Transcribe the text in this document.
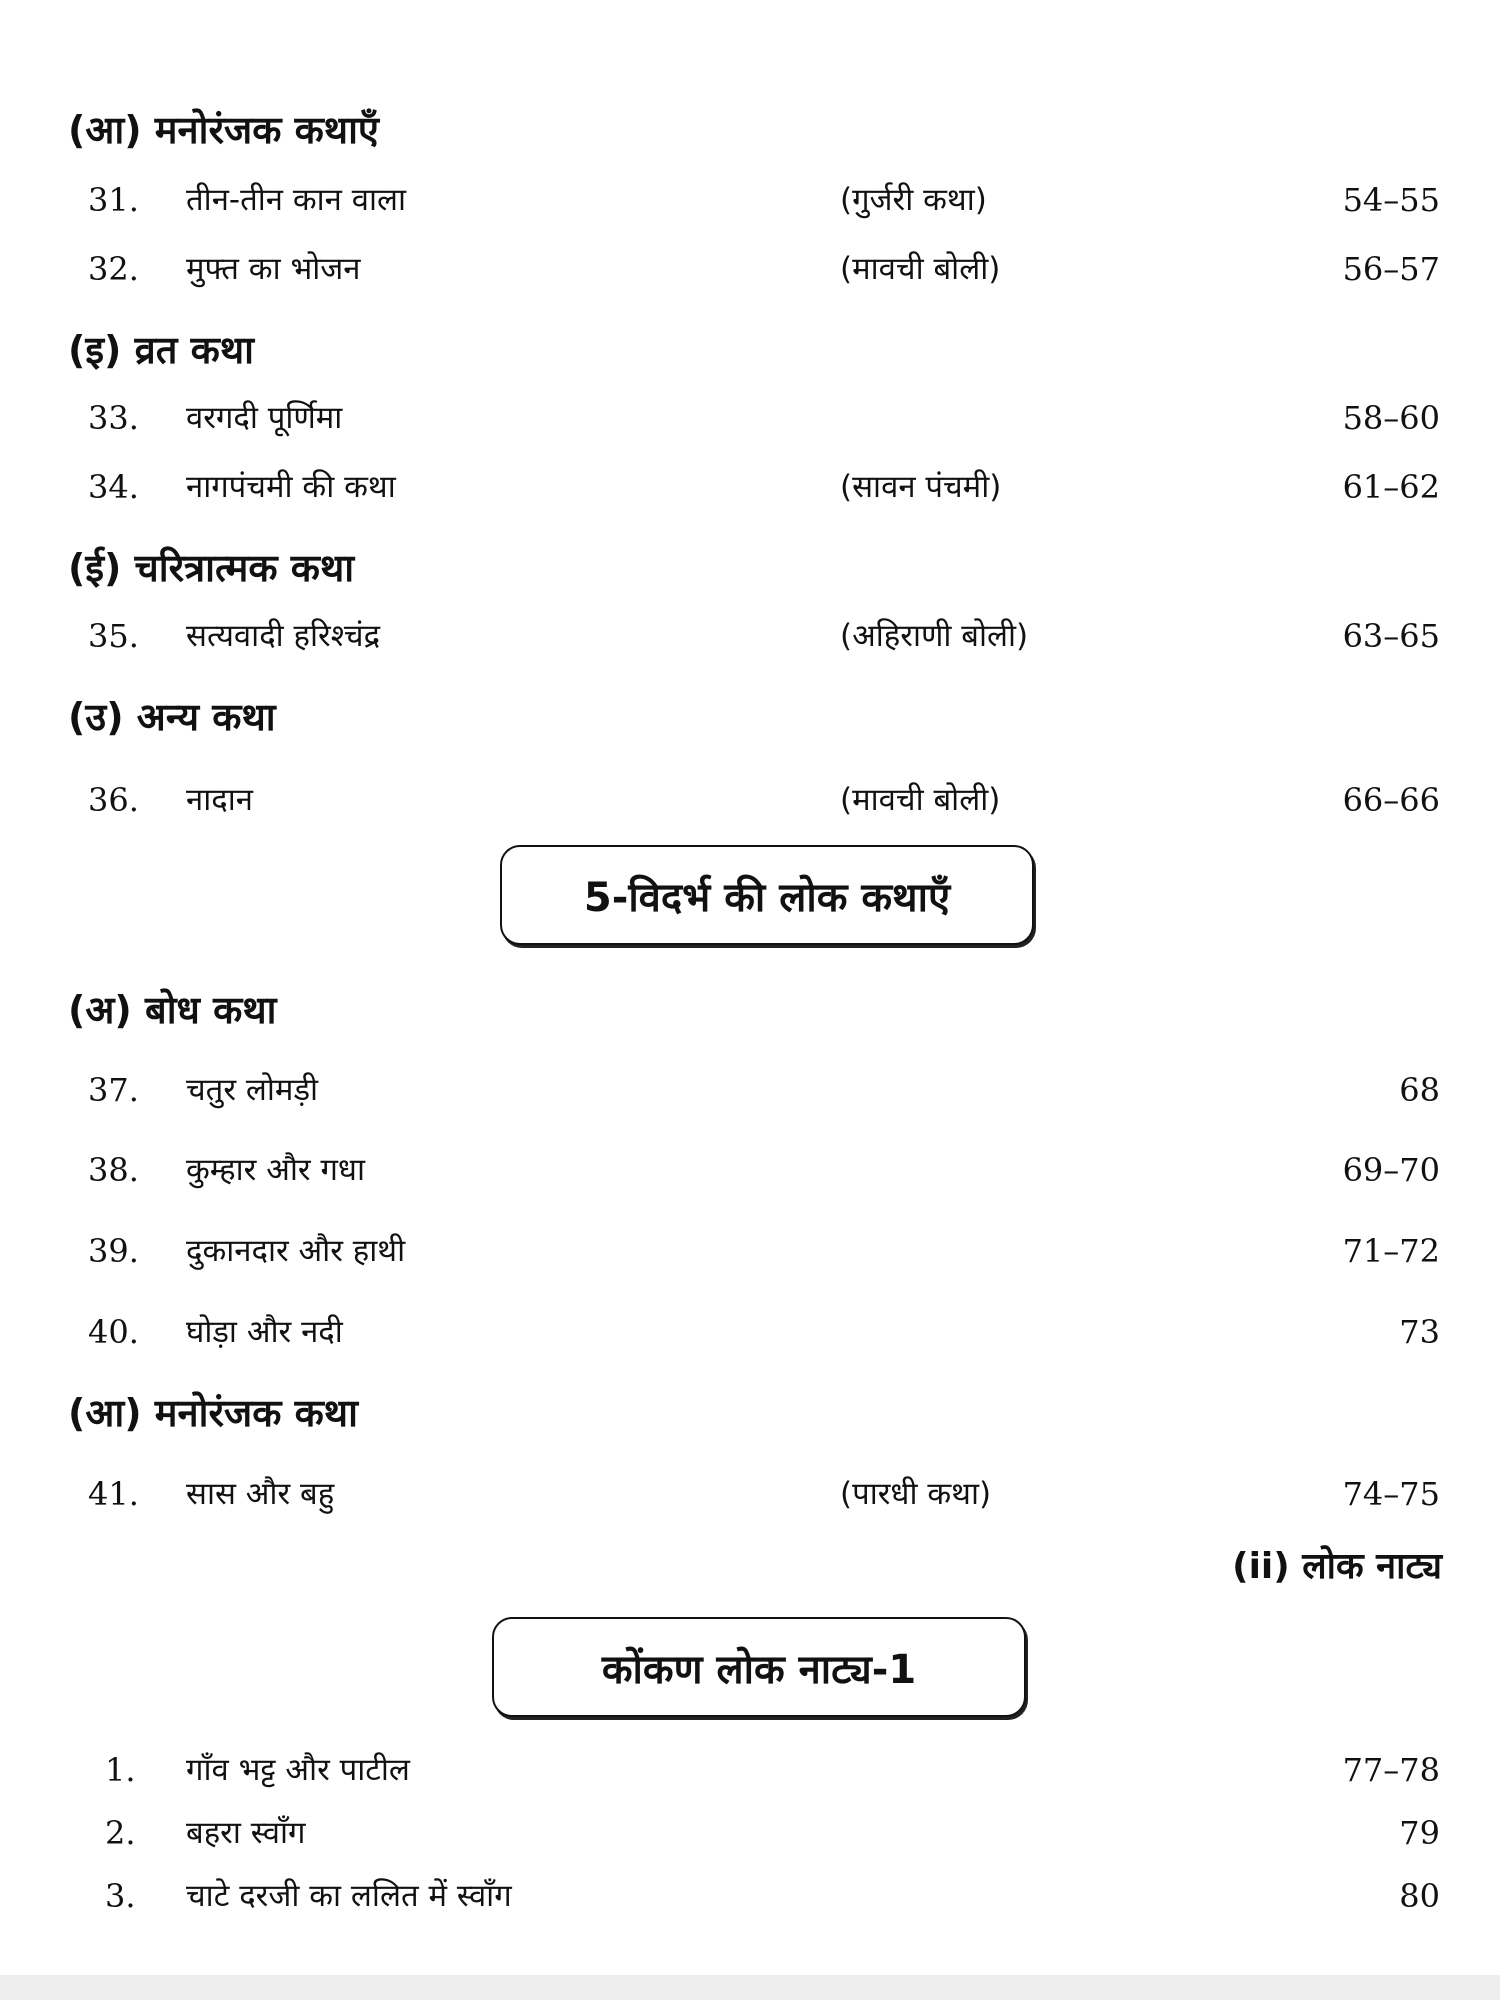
(आ) मनोरंजक कथाएँ
31.	तीन-तीन कान वाला	(गुर्जरी कथा)	54–55
32.	मुफ्त का भोजन	(मावची बोली)	56–57
(इ) व्रत कथा
33.	वरगदी पूर्णिमा	58–60
34.	नागपंचमी की कथा	(सावन पंचमी)	61–62
(ई) चरित्रात्मक कथा
35.	सत्यवादी हरिश्चंद्र	(अहिराणी बोली)	63–65
(उ) अन्य कथा
36.	नादान	(मावची बोली)	66–66
5-विदर्भ की लोक कथाएँ
(अ) बोध कथा
37.	चतुर लोमड़ी	68
38.	कुम्हार और गधा	69–70
39.	दुकानदार और हाथी	71–72
40.	घोड़ा और नदी	73
(आ) मनोरंजक कथा
41.	सास और बहु	(पारधी कथा)	74–75
(ii) लोक नाट्य
कोंकण लोक नाट्य-1
1.	गाँव भट्ट और पाटील	77–78
2.	बहरा स्वाँग	79
3.	चाटे दरजी का ललित में स्वाँग	80
